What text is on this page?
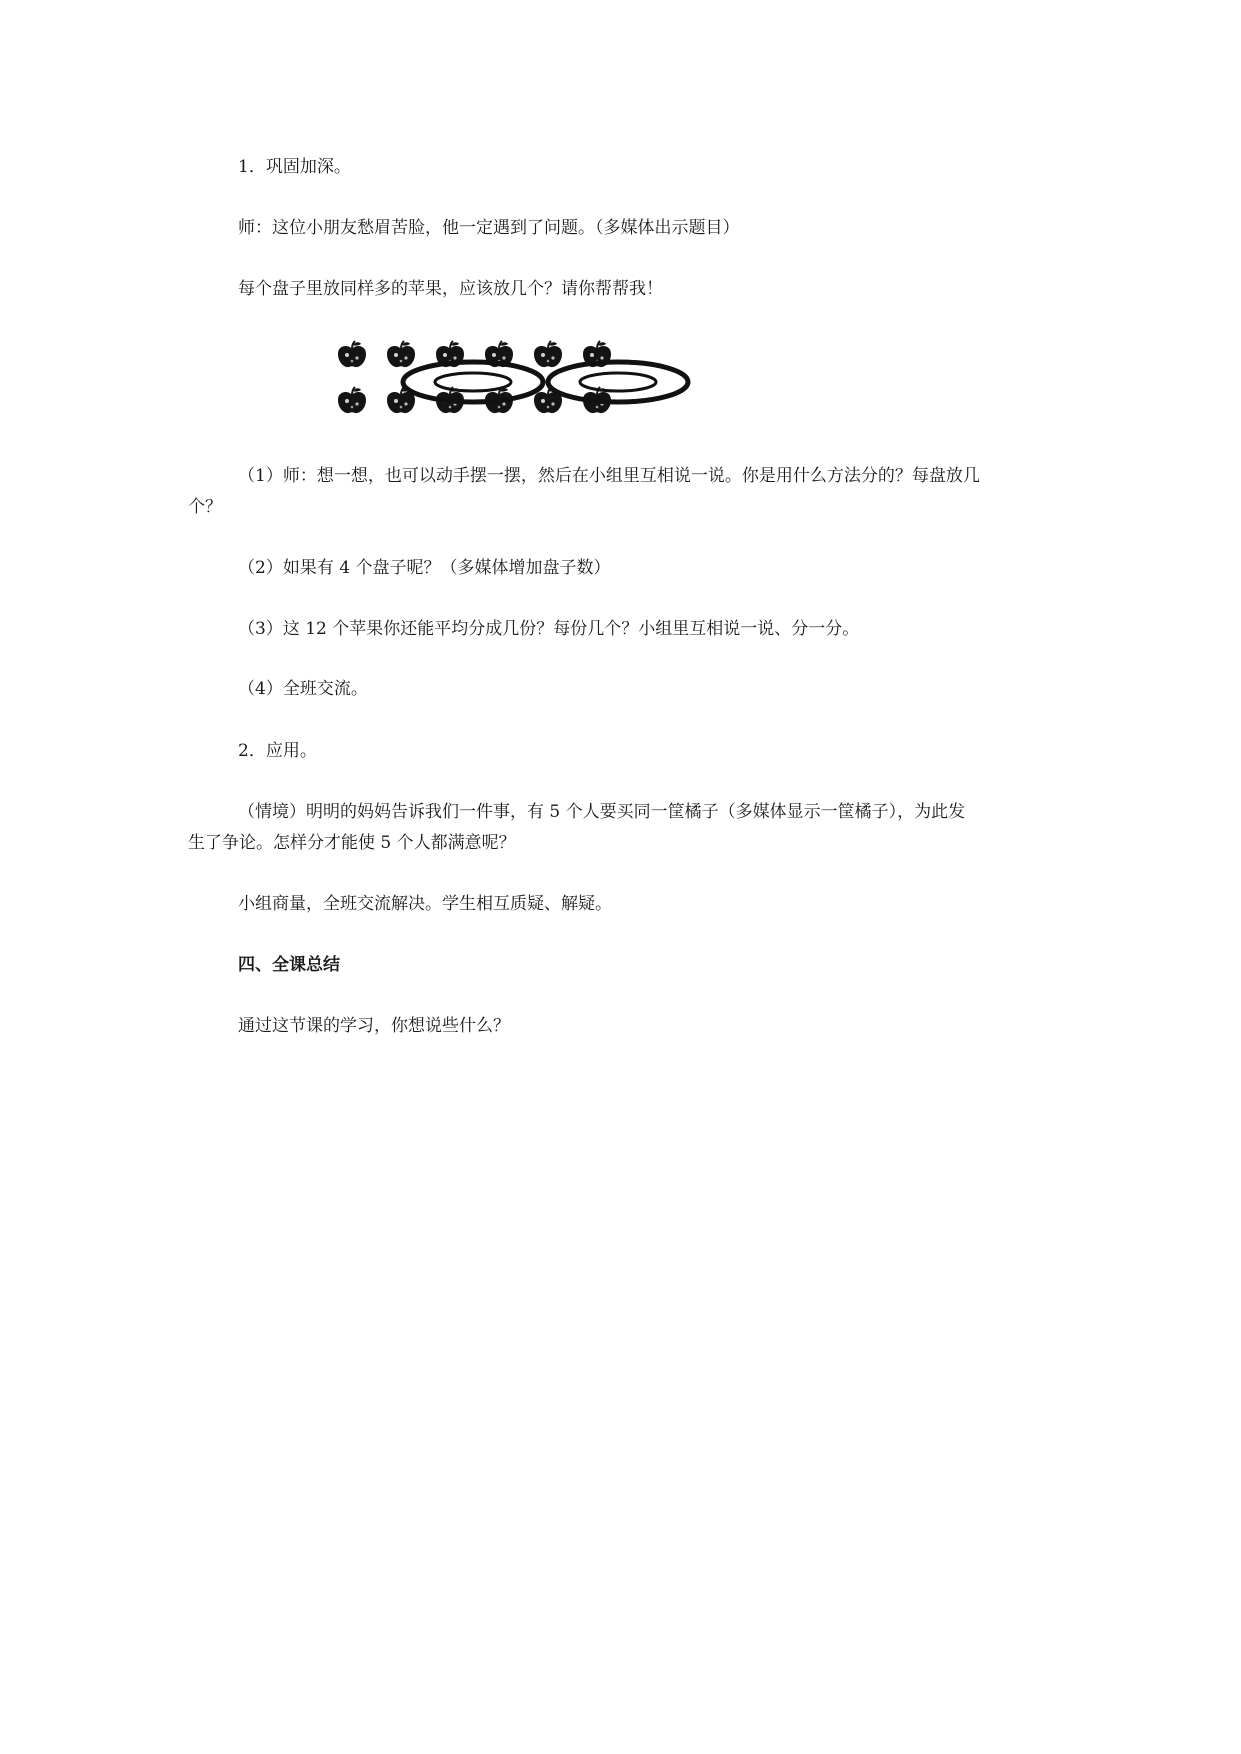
1．巩固加深。
师：这位小朋友愁眉苦脸，他一定遇到了问题。（多媒体出示题目）
每个盘子里放同样多的苹果，应该放几个？请你帮帮我！
（1）师：想一想，也可以动手摆一摆，然后在小组里互相说一说。你是用什么方法分的？每盘放几
个？
（2）如果有 4 个盘子呢？（多媒体增加盘子数）
（3）这 12 个苹果你还能平均分成几份？每份几个？小组里互相说一说、分一分。
（4）全班交流。
2．应用。
（情境）明明的妈妈告诉我们一件事，有 5 个人要买同一筐橘子（多媒体显示一筐橘子），为此发
生了争论。怎样分才能使 5 个人都满意呢？
小组商量，全班交流解决。学生相互质疑、解疑。
四、全课总结
通过这节课的学习，你想说些什么？
